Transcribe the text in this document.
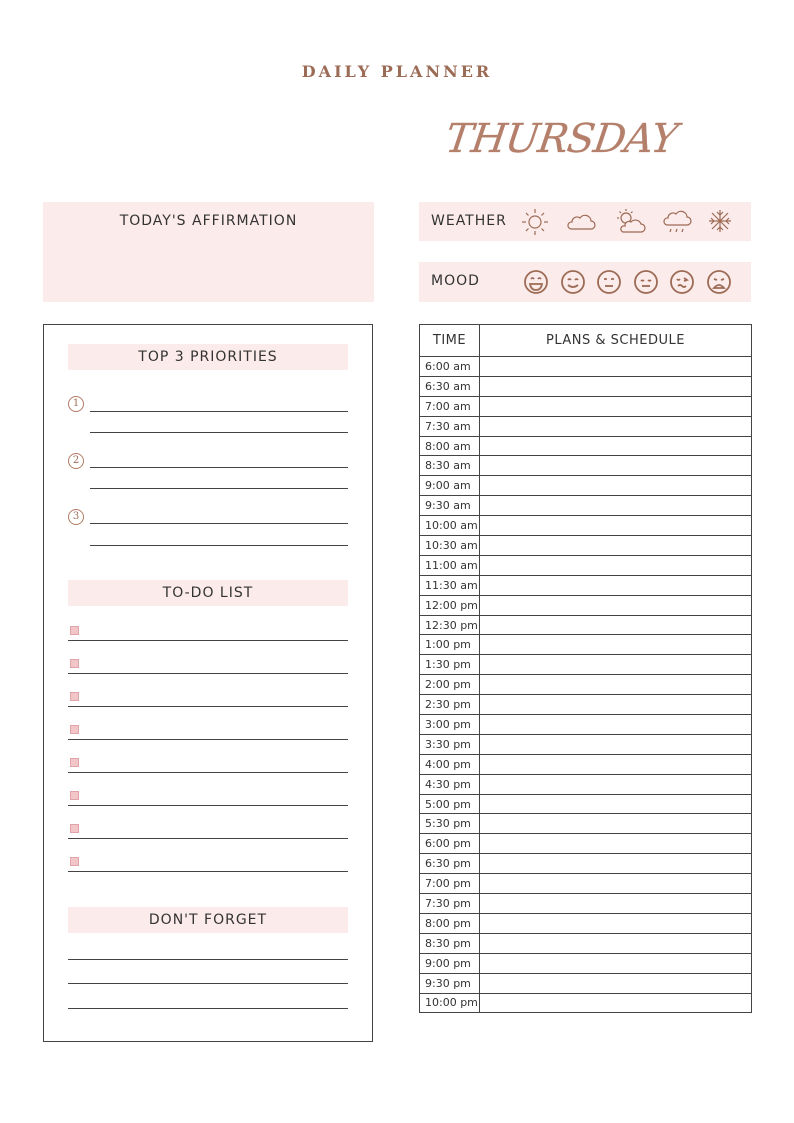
DAILY PLANNER
THURSDAY
TODAY'S AFFIRMATION	WEATHER
MOOD
TOP 3 PRIORITIES
1
2
3
TO-DO LIST
DON'T FORGET
TIME	PLANS & SCHEDULE
6:00 am	
6:30 am	
7:00 am	
7:30 am	
8:00 am	
8:30 am	
9:00 am	
9:30 am	
10:00 am	
10:30 am	
11:00 am	
11:30 am	
12:00 pm	
12:30 pm	
1:00 pm	
1:30 pm	
2:00 pm	
2:30 pm	
3:00 pm	
3:30 pm	
4:00 pm	
4:30 pm	
5:00 pm	
5:30 pm	
6:00 pm	
6:30 pm	
7:00 pm	
7:30 pm	
8:00 pm	
8:30 pm	
9:00 pm	
9:30 pm	
10:00 pm	
